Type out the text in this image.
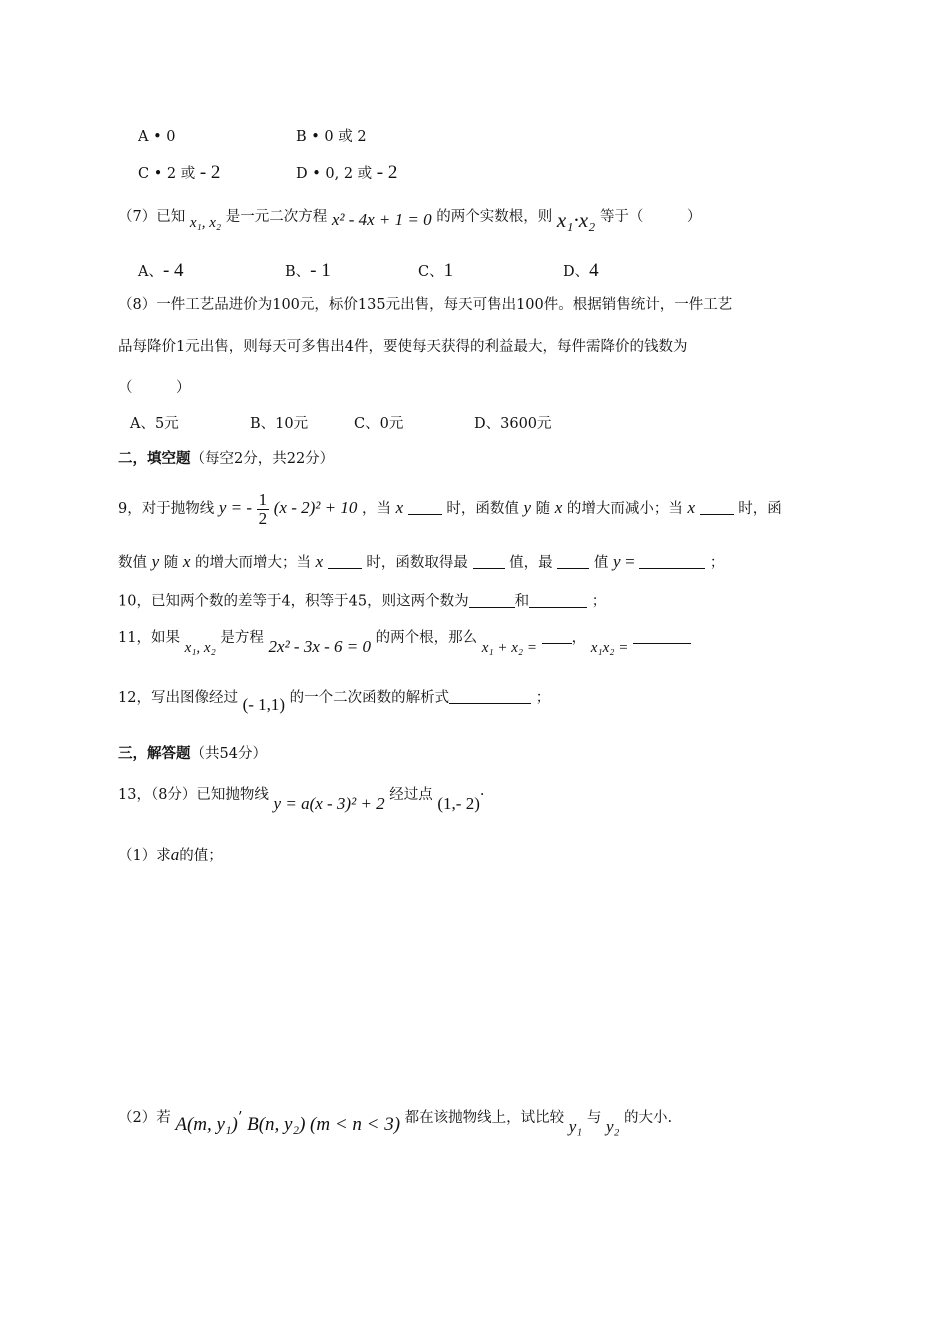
A • 0	B • 0 或 2
C • 2 或 - 2	D • 0, 2 或 - 2
（7）已知 x₁, x₂ 是一元二次方程 x² - 4x + 1 = 0 的两个实数根，则 x₁·x₂ 等于（　　　）
A、- 4	B、- 1	C、1	D、4
（8）一件工艺品进价为100元，标价135元出售，每天可售出100件。根据销售统计，一件工艺
品每降价1元出售，则每天可多售出4件，要使每天获得的利益最大，每件需降价的钱数为
（　　　）
A、5元	B、10元	C、0元	D、3600元
二，填空题（每空2分，共22分）
9，对于抛物线 y = - $\frac{1}{2} (x - 2)^2 + 10$ ，当 x	时，函数值 y 随 x 的增大而减小；当 x	时，函
数值 y 随 x 的增大而增大；当 x	时，函数取得最	值，最	值 y =	；
10，已知两个数的差等于4，积等于45，则这两个数为	和	；
11，如果 x₁, x₂ 是方程 2x² - 3x - 6 = 0 的两个根，那么 x₁ + x₂ = ， x₁x₂ =
12，写出图像经过 (- 1,1) 的一个二次函数的解析式	；
三，解答题（共54分）
13，（8分）已知抛物线 y = a(x - 3)² + 2 经过点 (1,- 2)·
（1）求a的值；
（2）若 A(m, y₁)’ B(n, y₂) (m < n < 3) 都在该抛物线上，试比较 y₁ 与 y₂ 的大小.
